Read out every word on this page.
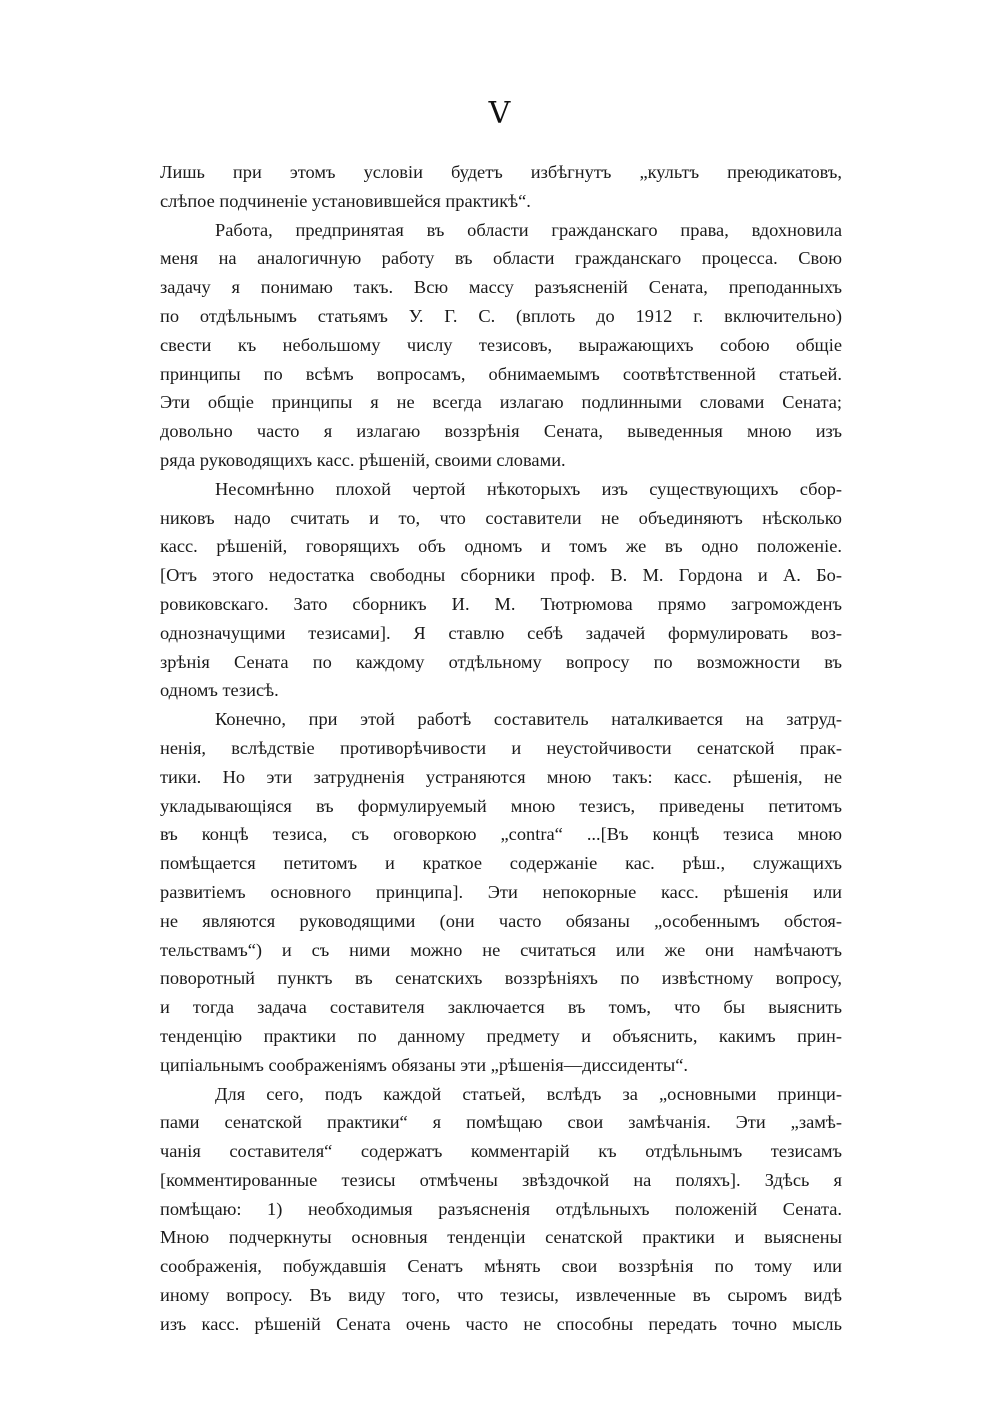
V

Лишь при этомъ условіи будетъ избѣгнутъ „культъ преюдикатовъ,
слѣпое подчиненіе установившейся практикѣ“.

Работа, предпринятая въ области гражданскаго права, вдохновила
меня на аналогичную работу въ области гражданскаго процесса. Свою
задачу я понимаю такъ. Всю массу разъясненій Сената, преподанныхъ
по отдѣльнымъ статьямъ У. Г. С. (вплоть до 1912 г. включительно)
свести къ небольшому числу тезисовъ, выражающихъ собою общіе
принципы по всѣмъ вопросамъ, обнимаемымъ соотвѣтственной статьей.
Эти общіе принципы я не всегда излагаю подлинными словами Сената;
довольно часто я излагаю воззрѣнія Сената, выведенныя мною изъ
ряда руководящихъ касс. рѣшеній, своими словами.

Несомнѣнно плохой чертой нѣкоторыхъ изъ существующихъ сбор-
никовъ надо считать и то, что составители не объединяютъ нѣсколько
касс. рѣшеній, говорящихъ объ одномъ и томъ же въ одно положеніе.
[Отъ этого недостатка свободны сборники проф. В. М. Гордона и А. Бо-
ровиковскаго. Зато сборникъ И. М. Тютрюмова прямо загроможденъ
однозначущими тезисами]. Я ставлю себѣ задачей формулировать воз-
зрѣнія Сената по каждому отдѣльному вопросу по возможности въ
одномъ тезисѣ.

Конечно, при этой работѣ составитель наталкивается на затруд-
ненія, вслѣдствіе противорѣчивости и неустойчивости сенатской прак-
тики. Но эти затрудненія устраняются мною такъ: касс. рѣшенія, не
укладывающіяся въ формулируемый мною тезисъ, приведены петитомъ
въ концѣ тезиса, съ оговоркою „contra“ ...[Въ концѣ тезиса мною
помѣщается петитомъ и краткое содержаніе кас. рѣш., служащихъ
развитіемъ основного принципа]. Эти непокорные касс. рѣшенія или
не являются руководящими (они часто обязаны „особеннымъ обстоя-
тельствамъ“) и съ ними можно не считаться или же они намѣчаютъ
поворотный пунктъ въ сенатскихъ воззрѣніяхъ по извѣстному вопросу,
и тогда задача составителя заключается въ томъ, что бы выяснить
тенденцію практики по данному предмету и объяснить, какимъ прин-
ципіальнымъ соображеніямъ обязаны эти „рѣшенія—диссиденты“.

Для сего, подъ каждой статьей, вслѣдъ за „основными принци-
пами сенатской практики“ я помѣщаю свои замѣчанія. Эти „замѣ-
чанія составителя“ содержатъ комментарій къ отдѣльнымъ тезисамъ
[комментированные тезисы отмѣчены звѣздочкой на поляхъ]. Здѣсь я
помѣщаю: 1) необходимыя разъясненія отдѣльныхъ положеній Сената.
Мною подчеркнуты основныя тенденціи сенатской практики и выяснены
соображенія, побуждавшія Сенатъ мѣнять свои воззрѣнія по тому или
иному вопросу. Въ виду того, что тезисы, извлеченные въ сыромъ видѣ
изъ касс. рѣшеній Сената очень часто не способны передать точно мысль
